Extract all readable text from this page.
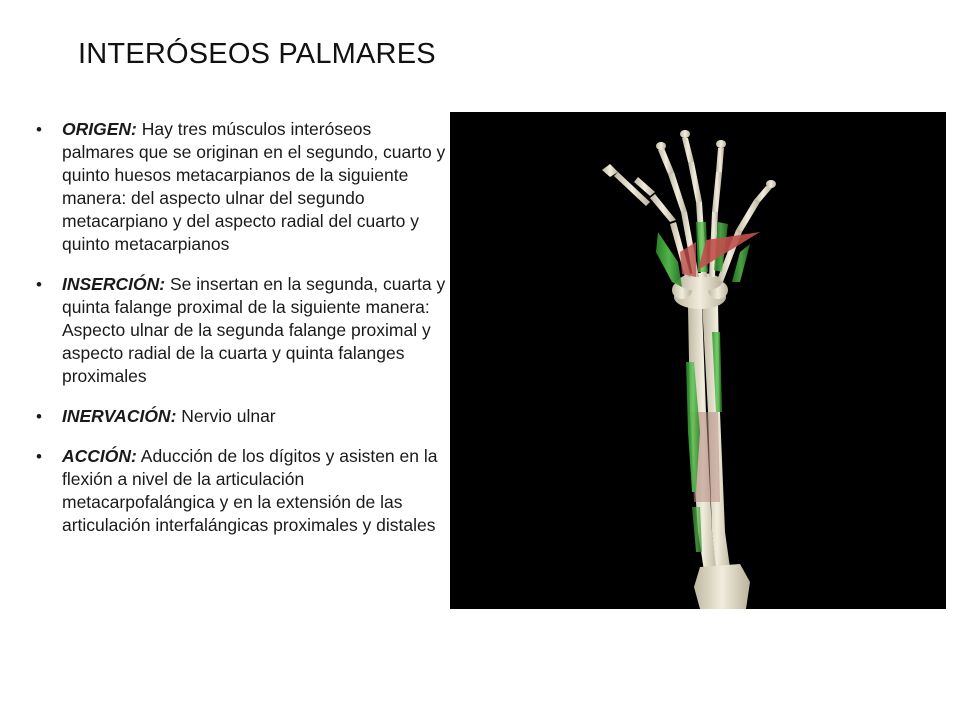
INTERÓSEOS PALMARES
• ORIGEN: Hay tres músculos interóseos palmares que se originan en el segundo, cuarto y quinto huesos metacarpianos de la siguiente manera: del aspecto ulnar del segundo metacarpiano y del aspecto radial del cuarto y quinto metacarpianos
• INSERCIÓN: Se insertan en la segunda, cuarta y quinta falange proximal de la siguiente manera: Aspecto ulnar de la segunda falange proximal y aspecto radial de la cuarta y quinta falanges proximales
• INERVACIÓN: Nervio ulnar
• ACCIÓN: Aducción de los dígitos y asisten en la flexión a nivel de la articulación metacarpofalángica y en la extensión de las articulación interfalángicas proximales y distales
